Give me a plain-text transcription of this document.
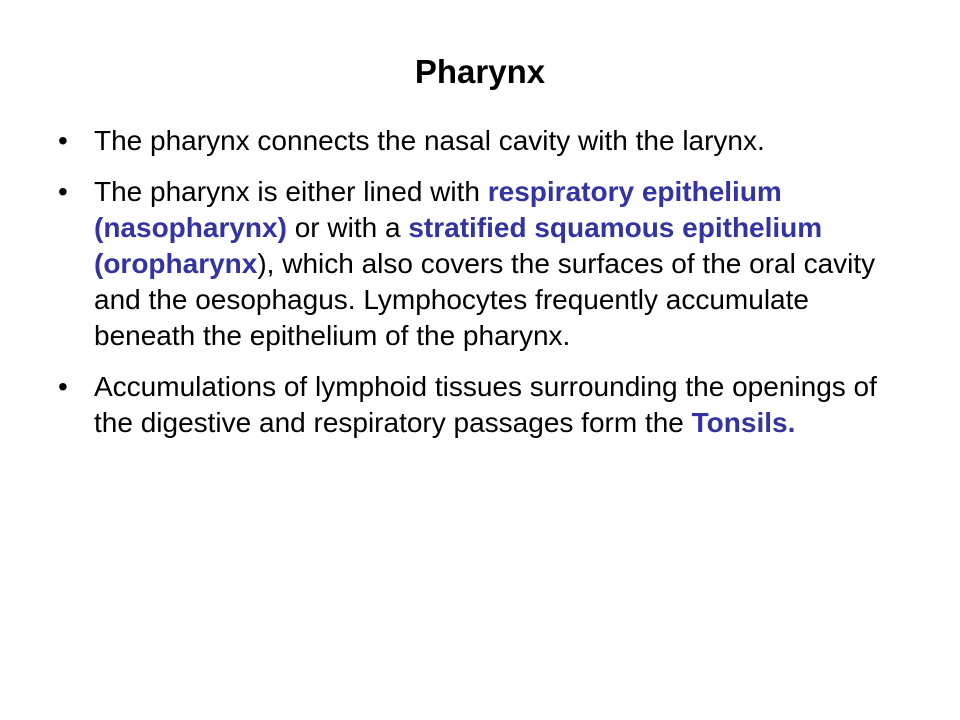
Pharynx
• The pharynx connects the nasal cavity with the larynx.
• The pharynx is either lined with respiratory epithelium (nasopharynx) or with a stratified squamous epithelium (oropharynx), which also covers the surfaces of the oral cavity and the oesophagus. Lymphocytes frequently accumulate beneath the epithelium of the pharynx.
• Accumulations of lymphoid tissues surrounding the openings of the digestive and respiratory passages form the Tonsils.
